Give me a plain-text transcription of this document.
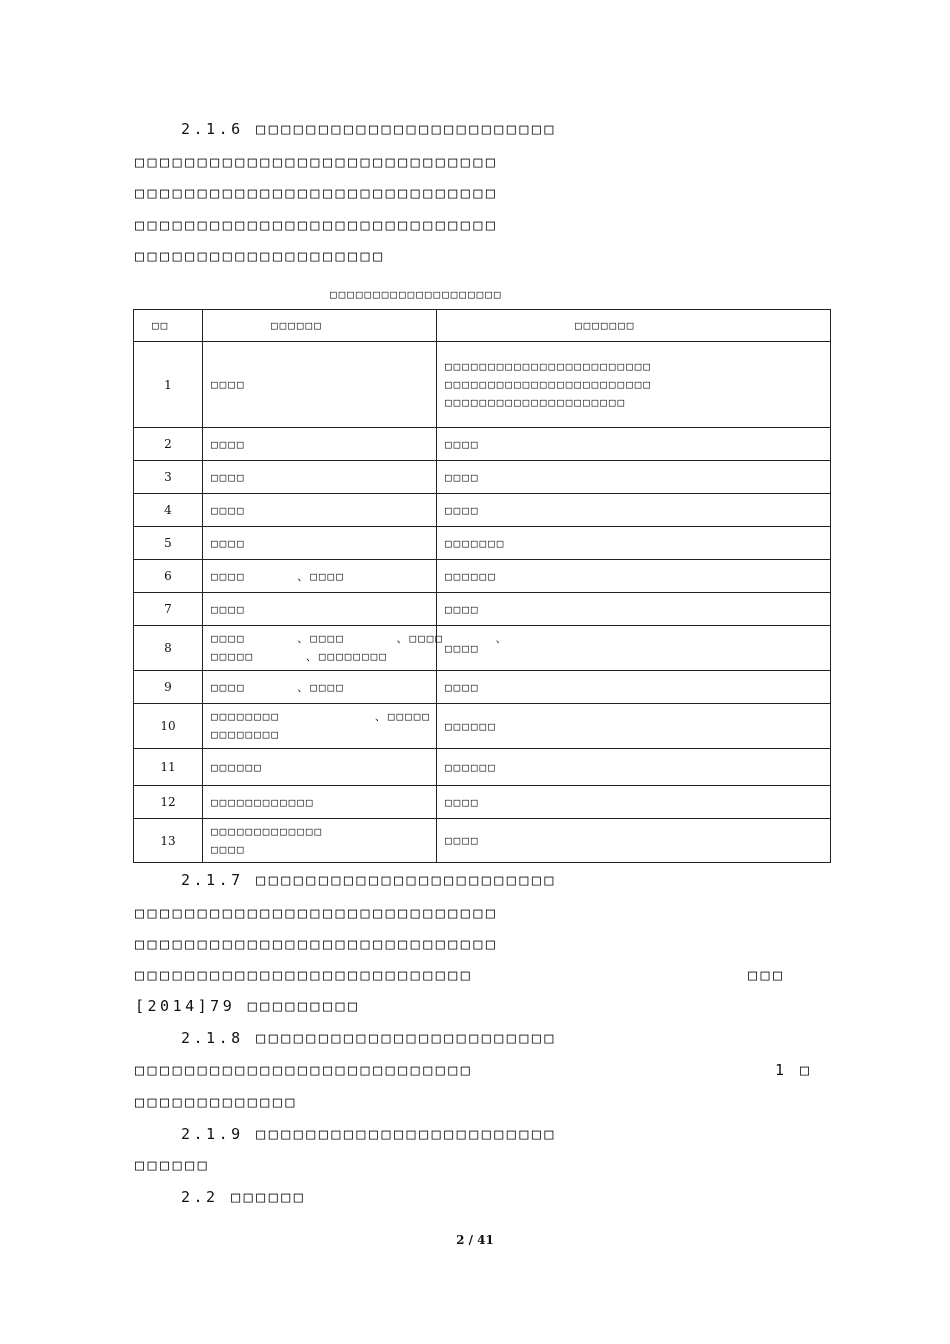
2.1.6 □□□□□□□□□□□□□□□□□□□□□□□□
□□□□□□□□□□□□□□□□□□□□□□□□□□□□□
□□□□□□□□□□□□□□□□□□□□□□□□□□□□□
□□□□□□□□□□□□□□□□□□□□□□□□□□□□□
□□□□□□□□□□□□□□□□□□□□
□□□□□□□□□□□□□□□□□□□□
□□	□□□□□□	□□□□□□□
1	□□□□	□□□□□□□□□□□□□□□□□□□□□□□□
□□□□□□□□□□□□□□□□□□□□□□□□
□□□□□□□□□□□□□□□□□□□□□

2	□□□□	□□□□
3	□□□□	□□□□
4	□□□□	□□□□
5	□□□□	□□□□□□□
6	□□□□      、□□□□	□□□□□□
7	□□□□	□□□□
8	□□□□      、□□□□      、□□□□      、
□□□□□      、□□□□□□□□	□□□□
9	□□□□      、□□□□	□□□□
10	□□□□□□□□           、□□□□□
□□□□□□□□	□□□□□□
11	□□□□□□	□□□□□□
12	□□□□□□□□□□□□	□□□□
13	□□□□□□□□□□□□□
□□□□	□□□□
2.1.7 □□□□□□□□□□□□□□□□□□□□□□□□
□□□□□□□□□□□□□□□□□□□□□□□□□□□□□
□□□□□□□□□□□□□□□□□□□□□□□□□□□□□
□□□□□□□□□□□□□□□□□□□□□□□□□□□	□□□
[2014]79 □□□□□□□□□
2.1.8 □□□□□□□□□□□□□□□□□□□□□□□□
□□□□□□□□□□□□□□□□□□□□□□□□□□□	1 □
□□□□□□□□□□□□□
2.1.9 □□□□□□□□□□□□□□□□□□□□□□□□
□□□□□□
2.2 □□□□□□
2 / 41
